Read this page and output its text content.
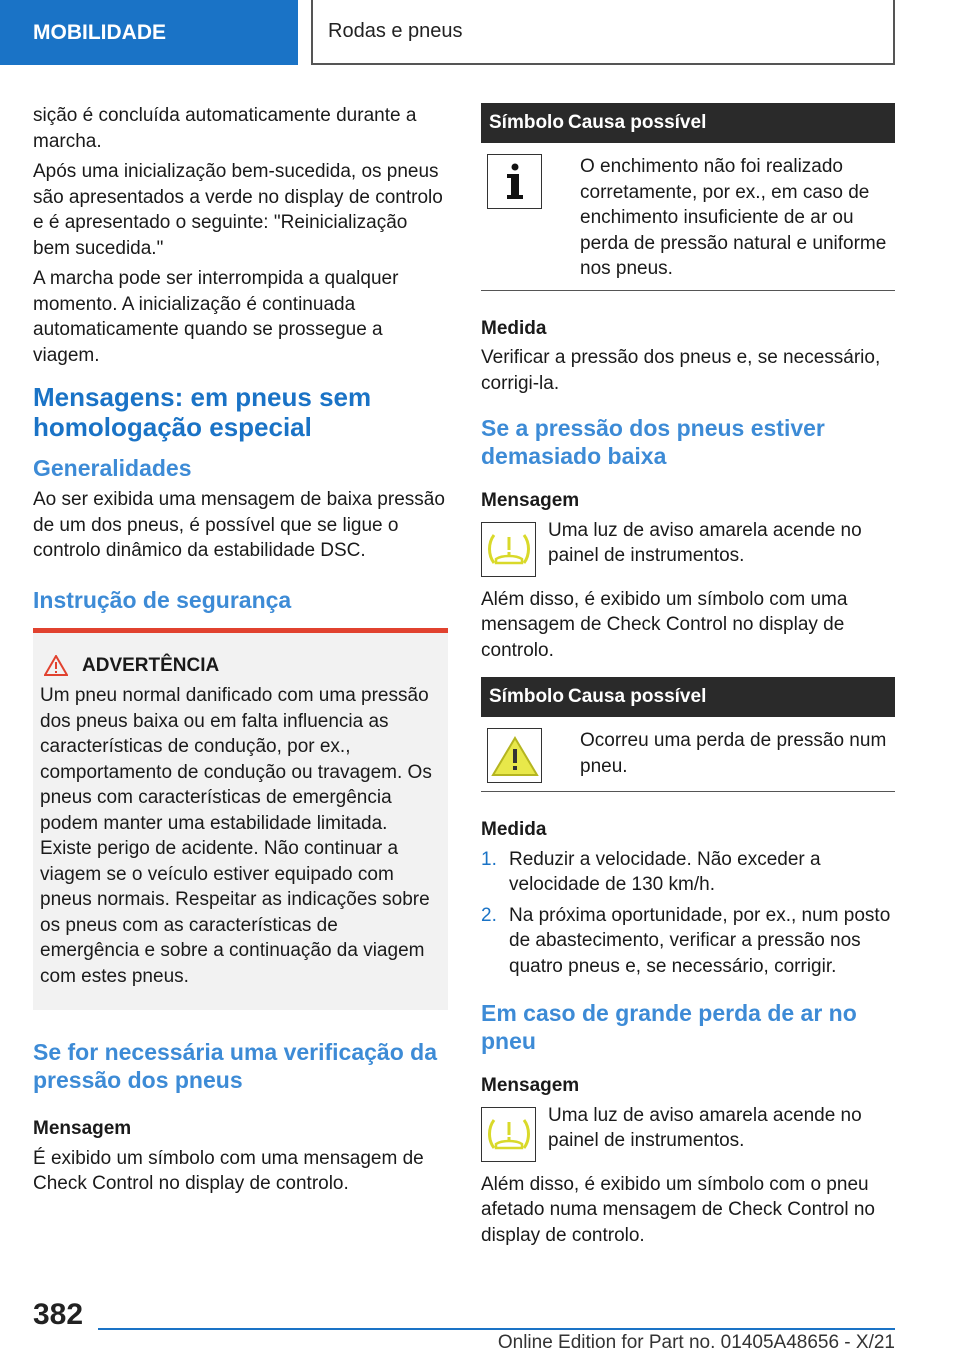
MOBILIDADE	Rodas e pneus

sição é concluída automaticamente durante a marcha.

Após uma inicialização bem-sucedida, os pneus são apresentados a verde no display de controlo e é apresentado o seguinte: "Reinicialização bem sucedida."

A marcha pode ser interrompida a qualquer momento. A inicialização é continuada automaticamente quando se prossegue a viagem.

Mensagens: em pneus sem homologação especial
Generalidades

Ao ser exibida uma mensagem de baixa pressão de um dos pneus, é possível que se ligue o controlo dinâmico da estabilidade DSC.

Instrução de segurança
ADVERTÊNCIA

Um pneu normal danificado com uma pressão dos pneus baixa ou em falta influencia as características de condução, por ex., comportamento de condução ou travagem. Os pneus com características de emergência podem manter uma estabilidade limitada. Existe perigo de acidente. Não continuar a viagem se o veículo estiver equipado com pneus normais. Respeitar as indicações sobre os pneus com as características de emergência e sobre a continuação da viagem com estes pneus.

Se for necessária uma verificação da pressão dos pneus
Mensagem

É exibido um símbolo com uma mensagem de Check Control no display de controlo.

Símbolo Causa possível
O enchimento não foi realizado corretamente, por ex., em caso de enchimento insuficiente de ar ou perda de pressão natural e uniforme nos pneus.
Medida

Verificar a pressão dos pneus e, se necessário, corrigi-la.

Se a pressão dos pneus estiver demasiado baixa
Mensagem
Uma luz de aviso amarela acende no painel de instrumentos.

Além disso, é exibido um símbolo com uma mensagem de Check Control no display de controlo.

Símbolo Causa possível
Ocorreu uma perda de pressão num pneu.
Medida
1. Reduzir a velocidade. Não exceder a velocidade de 130 km/h.
2. Na próxima oportunidade, por ex., num posto de abastecimento, verificar a pressão nos quatro pneus e, se necessário, corrigir.
Em caso de grande perda de ar no pneu
Mensagem
Uma luz de aviso amarela acende no painel de instrumentos.

Além disso, é exibido um símbolo com o pneu afetado numa mensagem de Check Control no display de controlo.

382
Online Edition for Part no. 01405A48656 - X/21
